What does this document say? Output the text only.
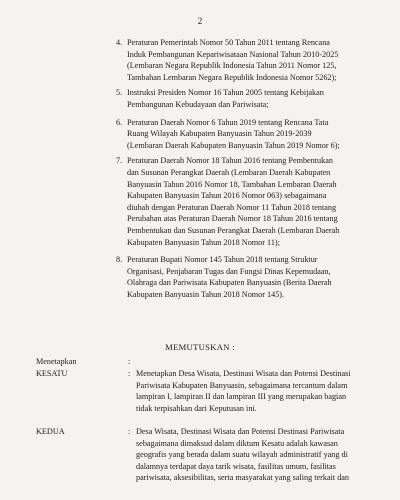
2
4. Peraturan Pemerintah Nomor 50 Tahun 2011 tentang Rencana
Induk Pembangunan Kepariwisataan Nasional Tahun 2010-2025
(Lembaran Negara Republik Indonesia Tahun 2011 Nomor 125,
Tambahan Lembaran Negara Republik Indonesia Nomor 5262);
5. Instruksi Presiden Nomor 16 Tahun 2005 tentang Kebijakan
Pembangunan Kebudayaan dan Pariwisata;
6. Peraturan Daerah Nomor 6 Tahun 2019 tentang Rencana Tata
Ruang Wilayah Kabupaten Banyuasin Tahun 2019-2039
(Lembaran Daerah Kabupaten Banyuasin Tahun 2019 Nomor 6);
7. Peraturan Daerah Nomor 18 Tahun 2016 tentang Pembentukan
dan Susunan Perangkat Daerah (Lembaran Daerah Kabupaten
Banyuasin Tahun 2016 Nomor 18, Tambahan Lembaran Daerah
Kabupaten Banyuasin Tahun 2016 Nomor 063) sebagaimana
diubah dengan Peraturan Daerah Nomor 11 Tahun 2018 tentang
Perubahan atas Peraturan Daerah Nomor 18 Tahun 2016 tentang
Pembentukan dan Susunan Perangkat Daerah (Lembaran Daerah
Kabupaten Banyuasin Tahun 2018 Nomor 11);
8. Peraturan Bupati Nomor 145 Tahun 2018 tentang Struktur
Organisasi, Penjabaran Tugas dan Fungsi Dinas Kepemudaan,
Olahraga dan Pariwisata Kabupaten Banyuasin (Berita Daerah
Kabupaten Banyuasin Tahun 2018 Nomor 145).
MEMUTUSKAN :
Menetapkan	:
KESATU	: Menetapkan Desa Wisata, Destinasi Wisata dan Potensi Destinasi
Pariwisata Kabupaten Banyuasin, sebagaimana tercantum dalam
lampiran I, lampiran II dan lampiran III yang merupakan bagian
tidak terpisahkan dari Keputusan ini.
KEDUA	: Desa Wisata, Destinasi Wisata dan Potensi Destinasi Pariwisata
sebagaimana dimaksud dalam diktum Kesatu adalah kawasan
geografis yang berada dalam suatu wilayah administratif yang di
dalamnya terdapat daya tarik wisata, fasilitas umum, fasilitas
pariwisata, aksesibilitas, serta masyarakat yang saling terkait dan
